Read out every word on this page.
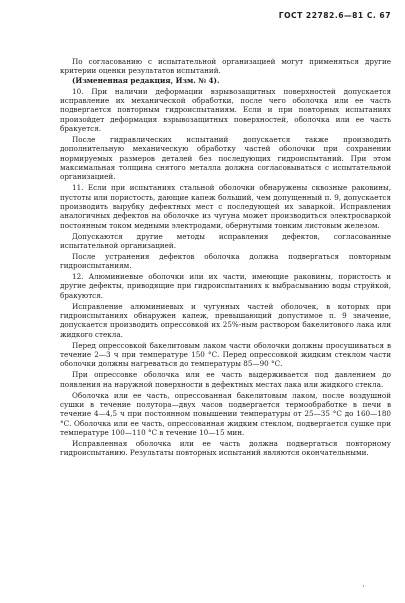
ГОСТ 22782.6—81 С. 67

По согласованию с испытательной организацией могут применяться другие критерии оценки результатов испытаний.

(Измененная редакция, Изм. № 4).

10. При наличии деформации взрывозащитных поверхностей допускается исправление их механической обработки, после чего оболочка или ее часть подвергается повторным гидроиспытаниям. Если и при повторных испытаниях произойдет деформация взрывозащитных поверхностей, оболочка или ее часть бракуется.

После гидравлических испытаний допускается также производить дополнительную механическую обработку частей оболочки при сохранении нормируемых размеров деталей без последующих гидроиспытаний. При этом максимальная толщина снятого металла должна согласовываться с испытательной организацией.

11. Если при испытаниях стальной оболочки обнаружены сквозные раковины, пустоты или пористость, дающие капеж больший, чем допущенный п. 9, допускается производить вырубку дефектных мест с последующей их заваркой. Исправления аналогичных дефектов на оболочке из чугуна может производиться электросваркой постоянным током медными электродами, обернутыми тонким листовым железом.

Допускаются другие методы исправления дефектов, согласованные испытательной организацией.

После устранения дефектов оболочка должна подвергаться повторным гидроиспытаниям.

12. Алюминиевые оболочки или их части, имеющие раковины, пористость и другие дефекты, приводящие при гидроиспытаниях к выбрасыванию воды струйкой, бракуются.

Исправление алюминиевых и чугунных частей оболочек, в которых при гидроиспытаниях обнаружен капеж, превышающий допустимое п. 9 значение, допускается производить опрессовкой их 25%-ным раствором бакелитового лака или жидкого стекла.

Перед опрессовкой бакелитовым лаком части оболочки должны просушиваться в течение 2—3 ч при температуре 150 °С. Перед опрессовкой жидким стеклом части оболочки должны нагреваться до температуры 85—90 °С.

При опрессовке оболочка или ее часть выдерживается под давлением до появления на наружной поверхности в дефектных местах лака или жидкого стекла.

Оболочка или ее часть, опрессованная бакелитовым лаком, после воздушной сушки в течение полутора—двух часов подвергается термообработке в печи в течение 4—4,5 ч при постоянном повышении температуры от 25—35 °С до 160—180 °С. Оболочка или ее часть, опрессованная жидким стеклом, подвергается сушке при температуре 100—110 °С в течение 10—15 мин.

Исправленная оболочка или ее часть должна подвергаться повторному гидроиспытанию. Результаты повторных испытаний являются окончательными.

·
